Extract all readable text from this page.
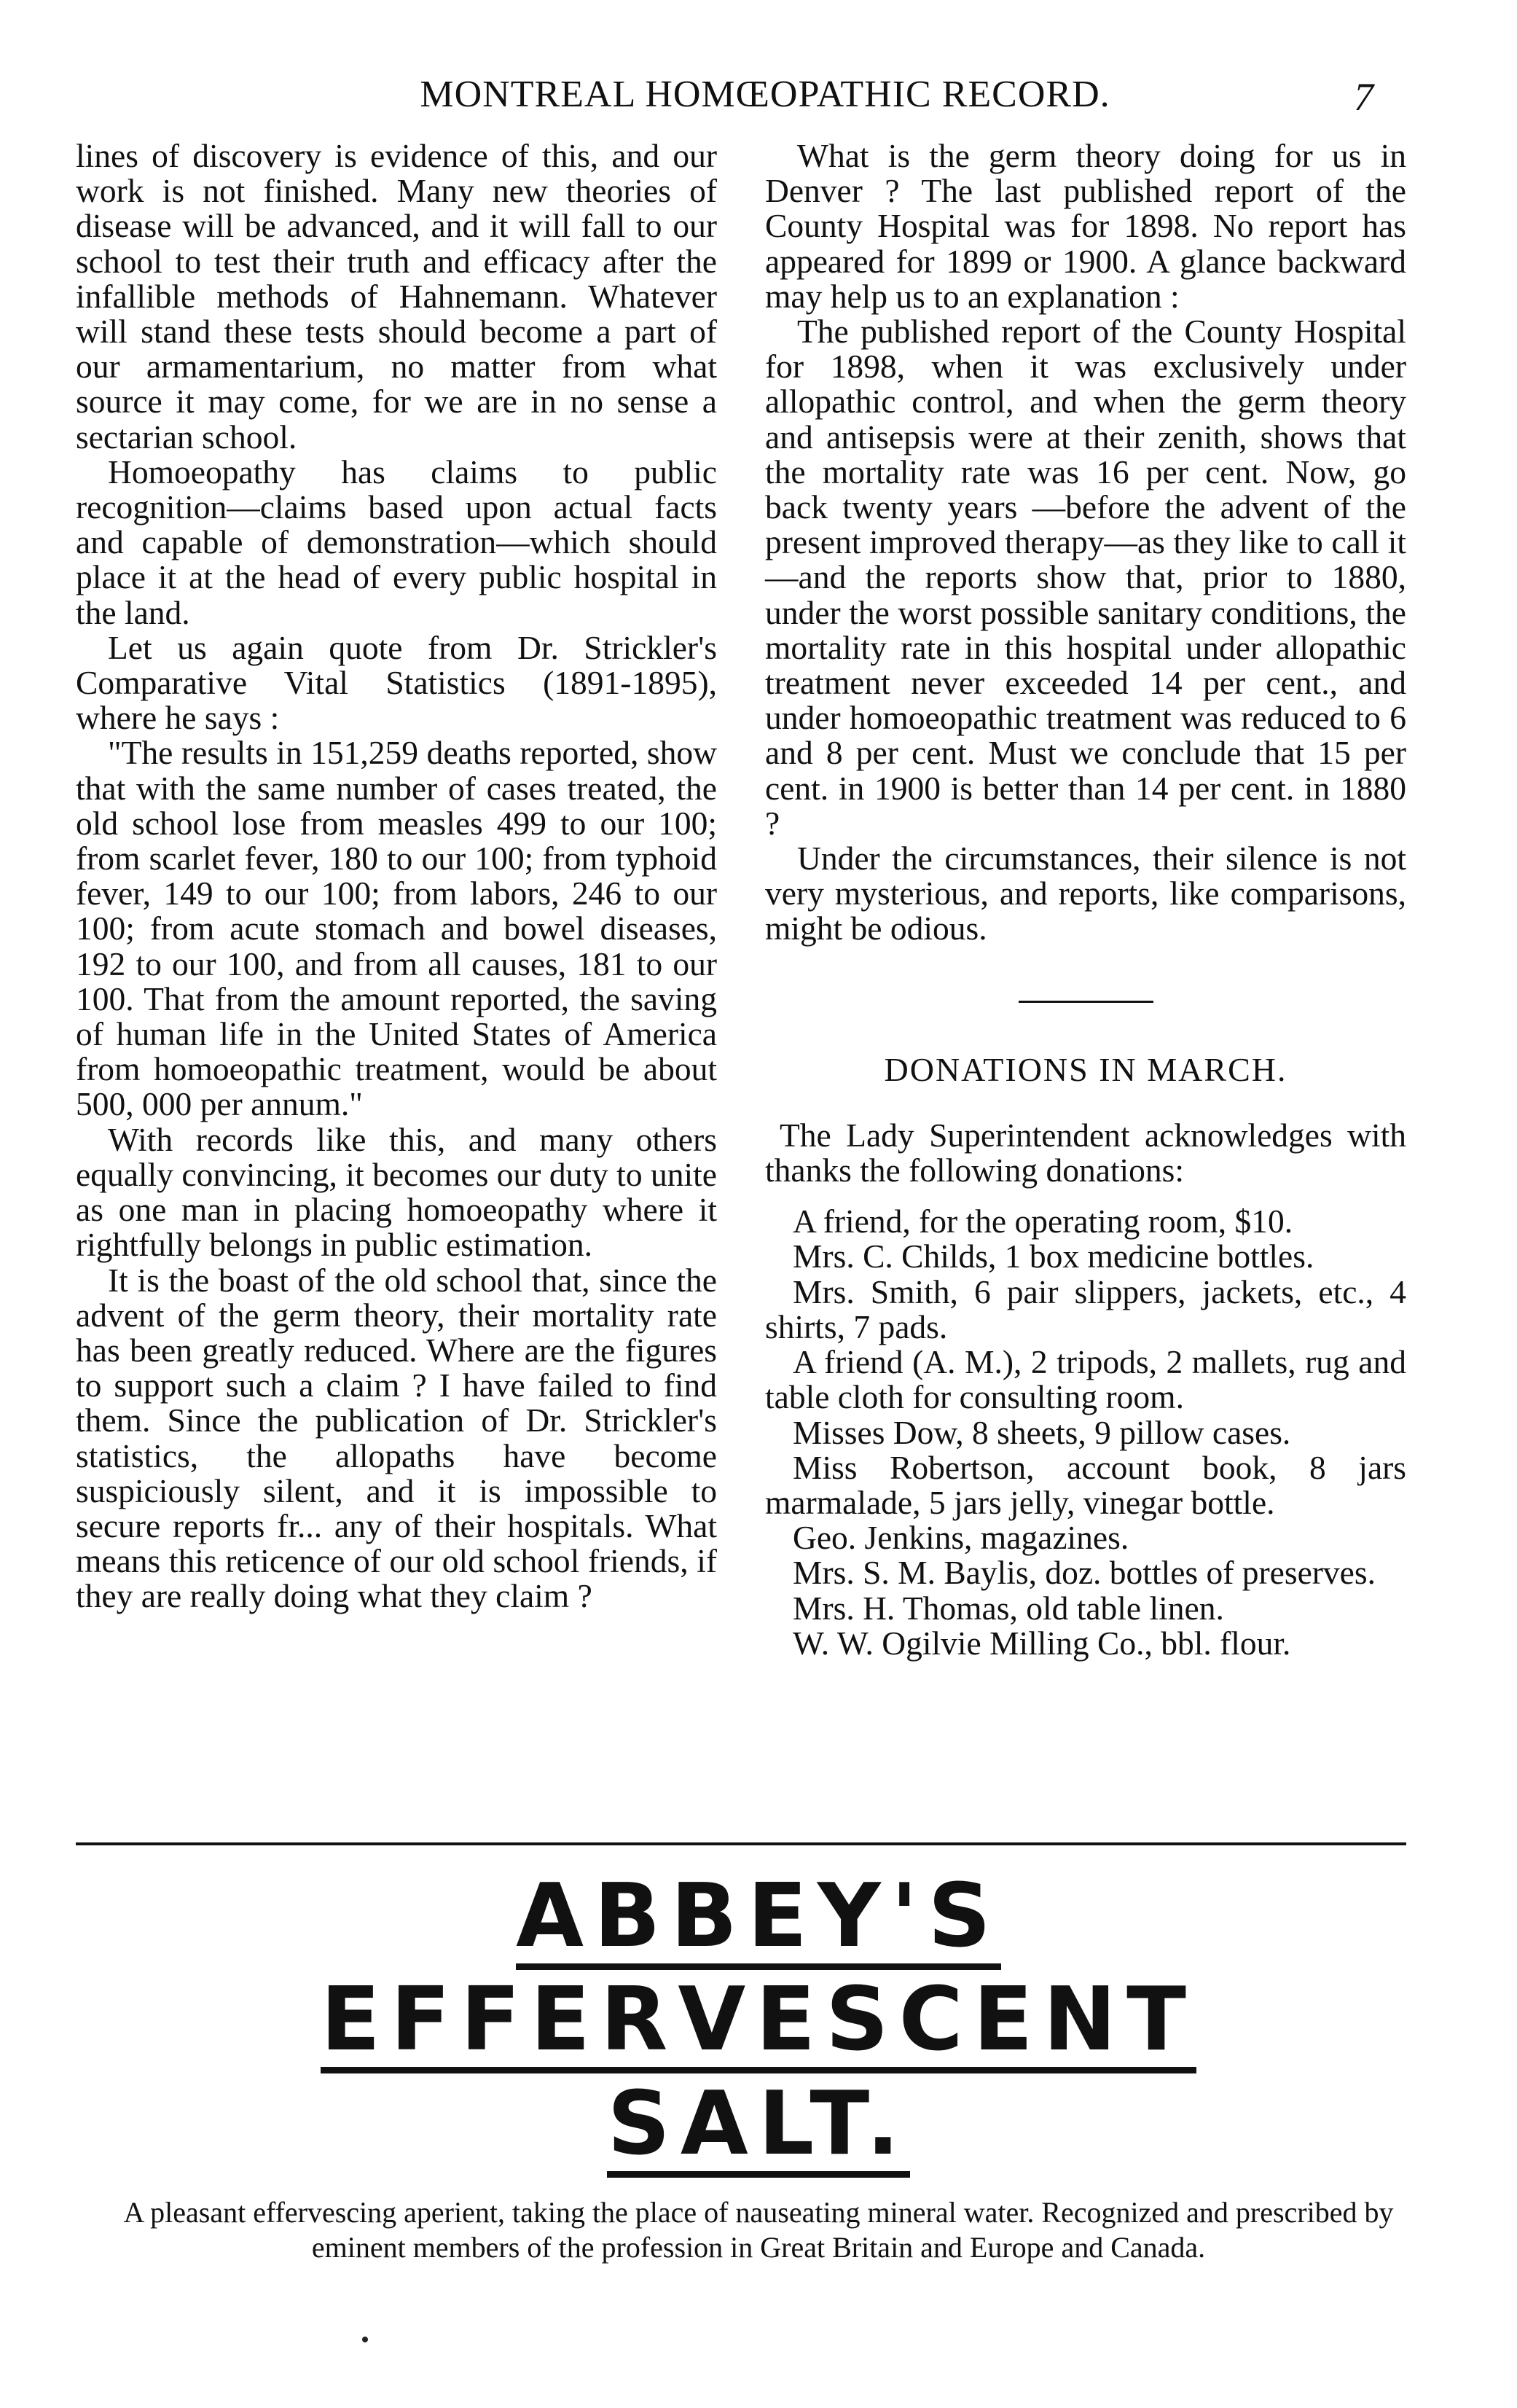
MONTREAL HOMŒOPATHIC RECORD.	7

lines of discovery is evidence of this, and our work is not finished. Many new theories of disease will be advanced, and it will fall to our school to test their truth and efficacy after the infallible methods of Hahnemann. Whatever will stand these tests should become a part of our armamentarium, no matter from what source it may come, for we are in no sense a sectarian school.

Homoeopathy has claims to public recognition—claims based upon actual facts and capable of demonstration—which should place it at the head of every public hospital in the land.

Let us again quote from Dr. Strickler's Comparative Vital Statistics (1891-1895), where he says :

"The results in 151,259 deaths reported, show that with the same number of cases treated, the old school lose from measles 499 to our 100; from scarlet fever, 180 to our 100; from typhoid fever, 149 to our 100; from labors, 246 to our 100; from acute stomach and bowel diseases, 192 to our 100, and from all causes, 181 to our 100. That from the amount reported, the saving of human life in the United States of America from homoeopathic treatment, would be about 500, 000 per annum."

With records like this, and many others equally convincing, it becomes our duty to unite as one man in placing homoeopathy where it rightfully belongs in public estimation.

It is the boast of the old school that, since the advent of the germ theory, their mortality rate has been greatly reduced. Where are the figures to support such a claim ? I have failed to find them. Since the publication of Dr. Strickler's statistics, the allopaths have become suspiciously silent, and it is impossible to secure reports fr... any of their hospitals. What means this reticence of our old school friends, if they are really doing what they claim ?

What is the germ theory doing for us in Denver ? The last published report of the County Hospital was for 1898. No report has appeared for 1899 or 1900. A glance backward may help us to an explanation :

The published report of the County Hospital for 1898, when it was exclusively under allopathic control, and when the germ theory and antisepsis were at their zenith, shows that the mortality rate was 16 per cent. Now, go back twenty years —before the advent of the present improved therapy—as they like to call it—and the reports show that, prior to 1880, under the worst possible sanitary conditions, the mortality rate in this hospital under allopathic treatment never exceeded 14 per cent., and under homoeopathic treatment was reduced to 6 and 8 per cent. Must we conclude that 15 per cent. in 1900 is better than 14 per cent. in 1880 ?

Under the circumstances, their silence is not very mysterious, and reports, like comparisons, might be odious.

DONATIONS IN MARCH.

The Lady Superintendent acknowledges with thanks the following donations:

A friend, for the operating room, $10.

Mrs. C. Childs, 1 box medicine bottles.

Mrs. Smith, 6 pair slippers, jackets, etc., 4 shirts, 7 pads.

A friend (A. M.), 2 tripods, 2 mallets, rug and table cloth for consulting room.

Misses Dow, 8 sheets, 9 pillow cases.

Miss Robertson, account book, 8 jars marmalade, 5 jars jelly, vinegar bottle.

Geo. Jenkins, magazines.

Mrs. S. M. Baylis, doz. bottles of preserves.

Mrs. H. Thomas, old table linen.

W. W. Ogilvie Milling Co., bbl. flour.

ABBEY'S
EFFERVESCENT
SALT.
A pleasant effervescing aperient, taking the place of nauseating mineral water. Recognized and prescribed by eminent members of the profession in Great Britain and Europe and Canada.
